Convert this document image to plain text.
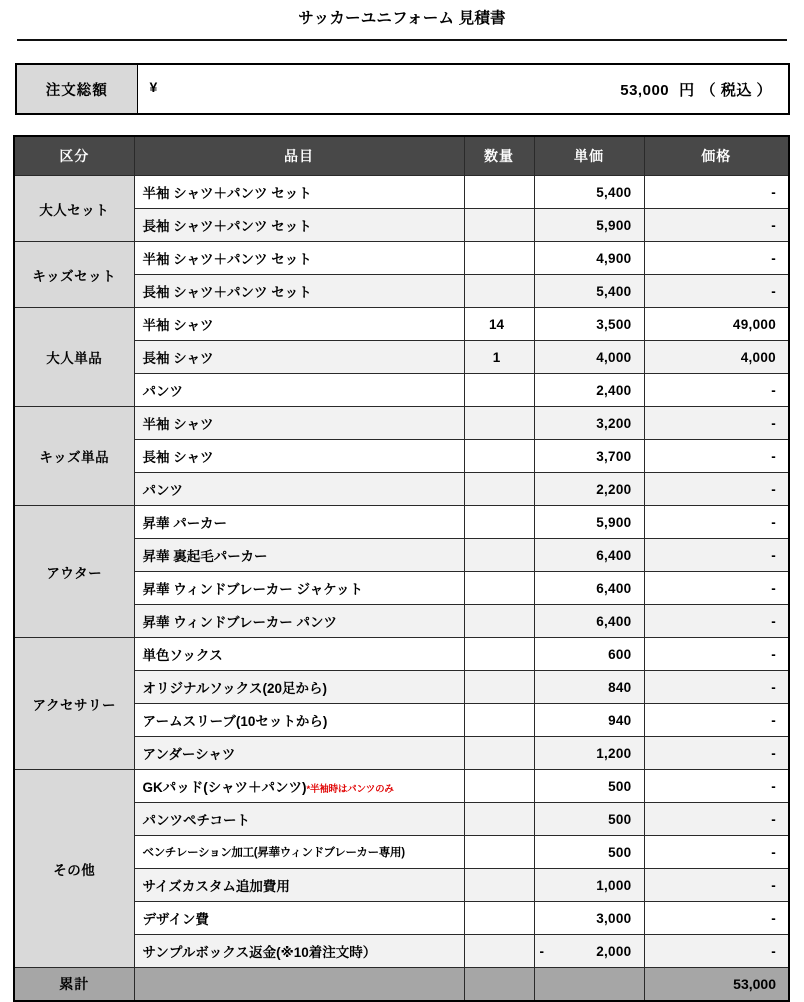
サッカーユニフォーム 見積書
注文総額	¥	53,000 円 （ 税込 ）
区分	品目	数量	単価	価格
大人セット	半袖 シャツ＋パンツ セット		5,400	-
	長袖 シャツ＋パンツ セット		5,900	-
キッズセット	半袖 シャツ＋パンツ セット		4,900	-
	長袖 シャツ＋パンツ セット		5,400	-
大人単品	半袖 シャツ	14	3,500	49,000
	長袖 シャツ	1	4,000	4,000
	パンツ		2,400	-
キッズ単品	半袖 シャツ		3,200	-
	長袖 シャツ		3,700	-
	パンツ		2,200	-
アウター	昇華 パーカー		5,900	-
	昇華 裏起毛パーカー		6,400	-
	昇華 ウィンドブレーカー ジャケット		6,400	-
	昇華 ウィンドブレーカー パンツ		6,400	-
アクセサリー	単色ソックス		600	-
	オリジナルソックス(20足から)		840	-
	アームスリーブ(10セットから)		940	-
	アンダーシャツ		1,200	-
その他	GKパッド(シャツ＋パンツ)*半袖時はパンツのみ		500	-
	パンツペチコート		500	-
	ベンチレーション加工(昇華ウィンドブレーカー専用)		500	-
	サイズカスタム追加費用		1,000	-
	デザイン費		3,000	-
	サンプルボックス返金(※10着注文時）		- 2,000	-
累計				53,000
